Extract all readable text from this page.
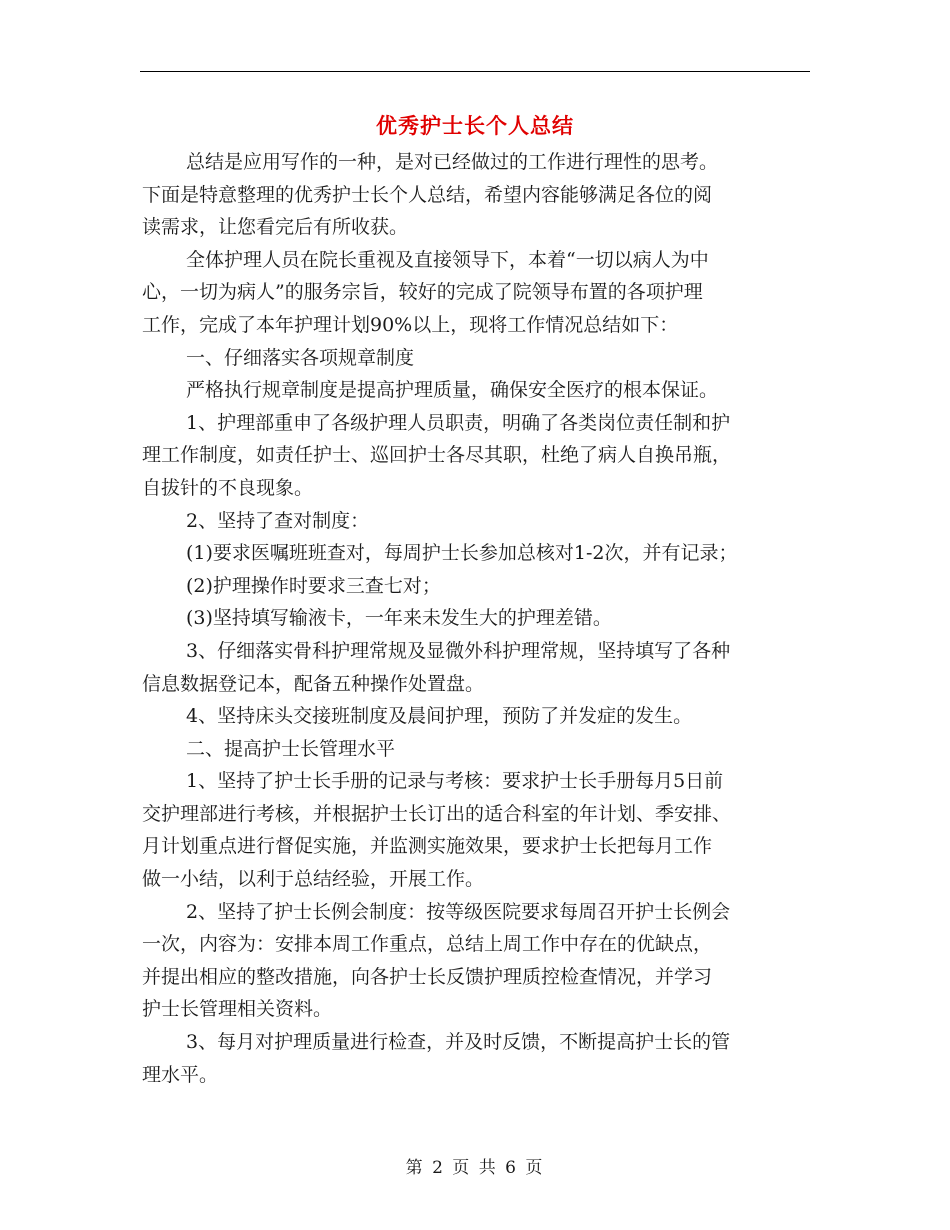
优秀护士长个人总结
总结是应用写作的一种，是对已经做过的工作进行理性的思考。
下面是特意整理的优秀护士长个人总结，希望内容能够满足各位的阅
读需求，让您看完后有所收获。
全体护理人员在院长重视及直接领导下，本着“一切以病人为中
心，一切为病人”的服务宗旨，较好的完成了院领导布置的各项护理
工作，完成了本年护理计划90%以上，现将工作情况总结如下：
一、仔细落实各项规章制度
严格执行规章制度是提高护理质量，确保安全医疗的根本保证。
1、护理部重申了各级护理人员职责，明确了各类岗位责任制和护
理工作制度，如责任护士、巡回护士各尽其职，杜绝了病人自换吊瓶，
自拔针的不良现象。
2、坚持了查对制度：
(1)要求医嘱班班查对，每周护士长参加总核对1-2次，并有记录；
(2)护理操作时要求三查七对；
(3)坚持填写输液卡，一年来未发生大的护理差错。
3、仔细落实骨科护理常规及显微外科护理常规，坚持填写了各种
信息数据登记本，配备五种操作处置盘。
4、坚持床头交接班制度及晨间护理，预防了并发症的发生。
二、提高护士长管理水平
1、坚持了护士长手册的记录与考核：要求护士长手册每月5日前
交护理部进行考核，并根据护士长订出的适合科室的年计划、季安排、
月计划重点进行督促实施，并监测实施效果，要求护士长把每月工作
做一小结，以利于总结经验，开展工作。
2、坚持了护士长例会制度：按等级医院要求每周召开护士长例会
一次，内容为：安排本周工作重点，总结上周工作中存在的优缺点，
并提出相应的整改措施，向各护士长反馈护理质控检查情况，并学习
护士长管理相关资料。
3、每月对护理质量进行检查，并及时反馈，不断提高护士长的管
理水平。
第 2 页 共 6 页
